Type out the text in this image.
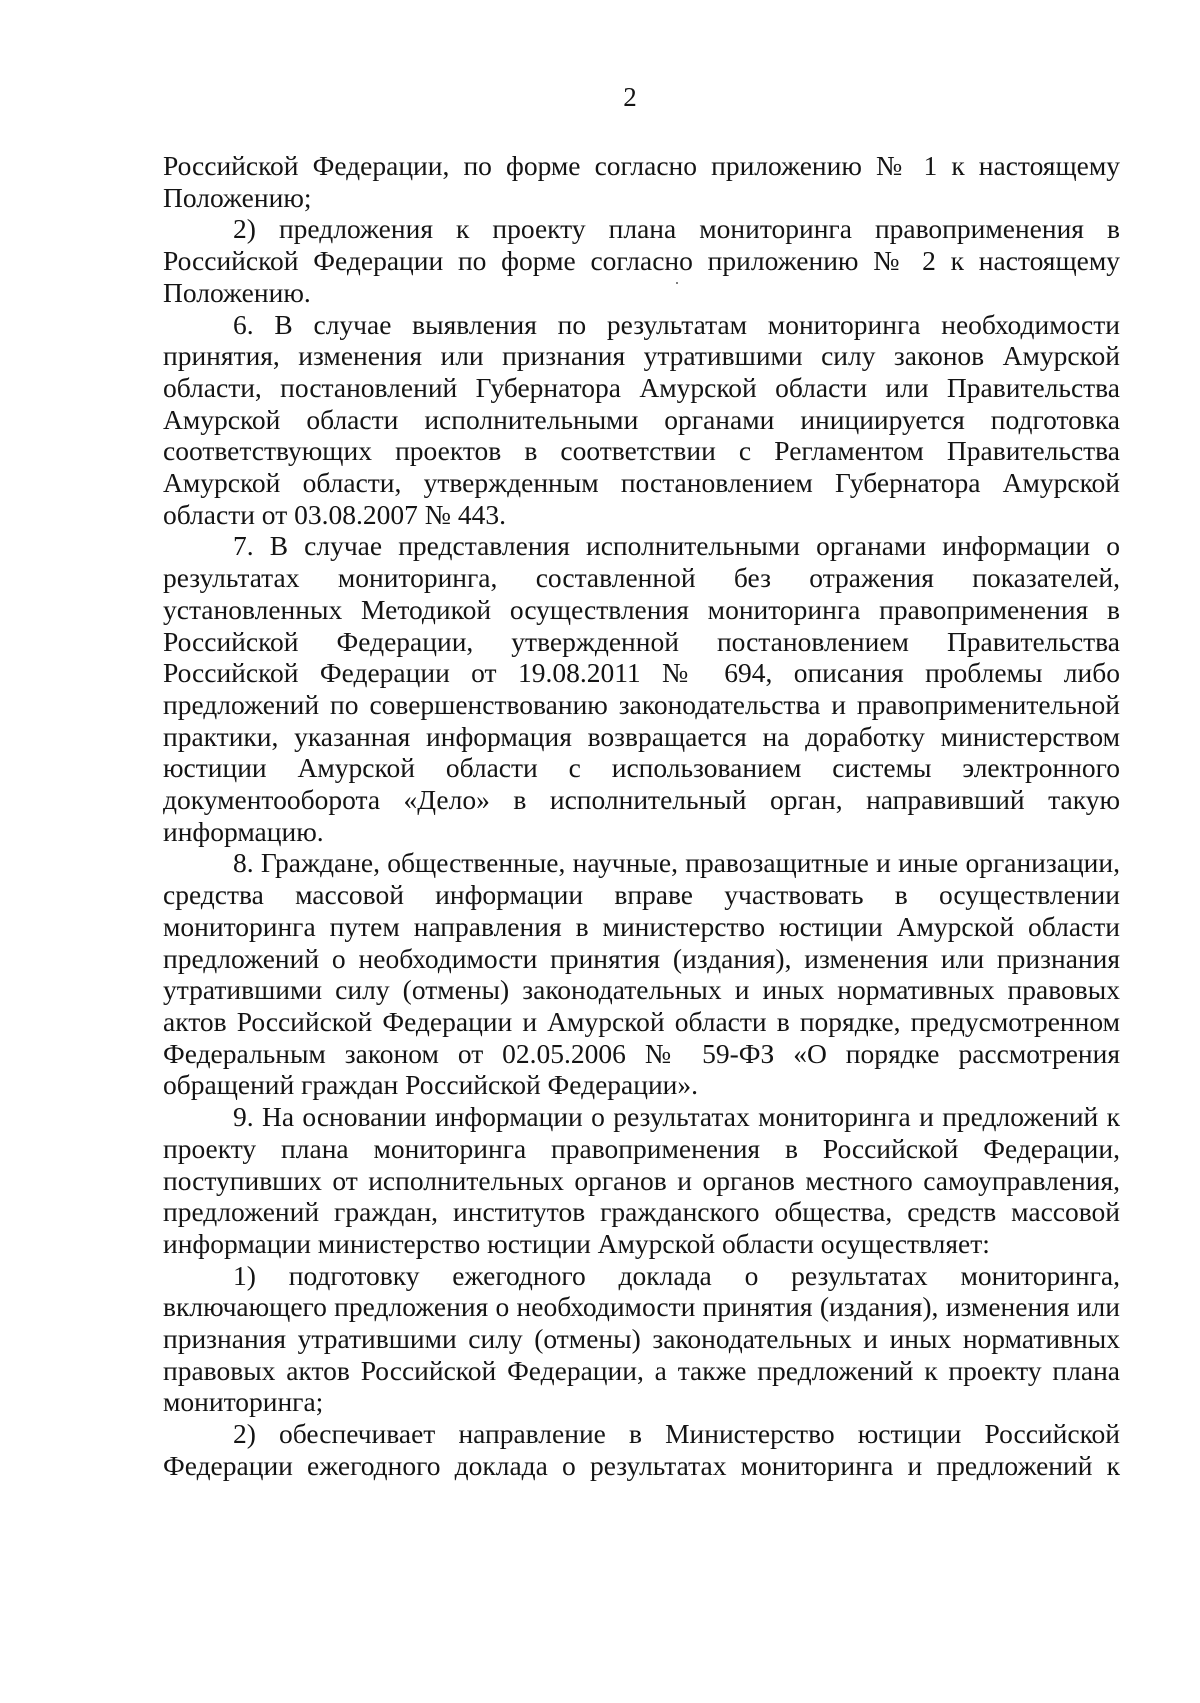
2

Российской Федерации, по форме согласно приложению № 1 к настоящему Положению;

2) предложения к проекту плана мониторинга правоприменения в Российской Федерации по форме согласно приложению № 2 к настоящему Положению.

6. В случае выявления по результатам мониторинга необходимости принятия, изменения или признания утратившими силу законов Амурской области, постановлений Губернатора Амурской области или Правительства Амурской области исполнительными органами инициируется подготовка соответствующих проектов в соответствии с Регламентом Правительства Амурской области, утвержденным постановлением Губернатора Амурской области от 03.08.2007 № 443.

7. В случае представления исполнительными органами информации о результатах мониторинга, составленной без отражения показателей, установленных Методикой осуществления мониторинга правоприменения в Российской Федерации, утвержденной постановлением Правительства Российской Федерации от 19.08.2011 № 694, описания проблемы либо предложений по совершенствованию законодательства и правоприменительной практики, указанная информация возвращается на доработку министерством юстиции Амурской области с использованием системы электронного документооборота «Дело» в исполнительный орган, направивший такую информацию.

8. Граждане, общественные, научные, правозащитные и иные организации, средства массовой информации вправе участвовать в осуществлении мониторинга путем направления в министерство юстиции Амурской области предложений о необходимости принятия (издания), изменения или признания утратившими силу (отмены) законодательных и иных нормативных правовых актов Российской Федерации и Амурской области в порядке, предусмотренном Федеральным законом от 02.05.2006 № 59-ФЗ «О порядке рассмотрения обращений граждан Российской Федерации».

9. На основании информации о результатах мониторинга и предложений к проекту плана мониторинга правоприменения в Российской Федерации, поступивших от исполнительных органов и органов местного самоуправления, предложений граждан, институтов гражданского общества, средств массовой информации министерство юстиции Амурской области осуществляет:

1) подготовку ежегодного доклада о результатах мониторинга, включающего предложения о необходимости принятия (издания), изменения или признания утратившими силу (отмены) законодательных и иных нормативных правовых актов Российской Федерации, а также предложений к проекту плана мониторинга;

2) обеспечивает направление в Министерство юстиции Российской Федерации ежегодного доклада о результатах мониторинга и предложений к
